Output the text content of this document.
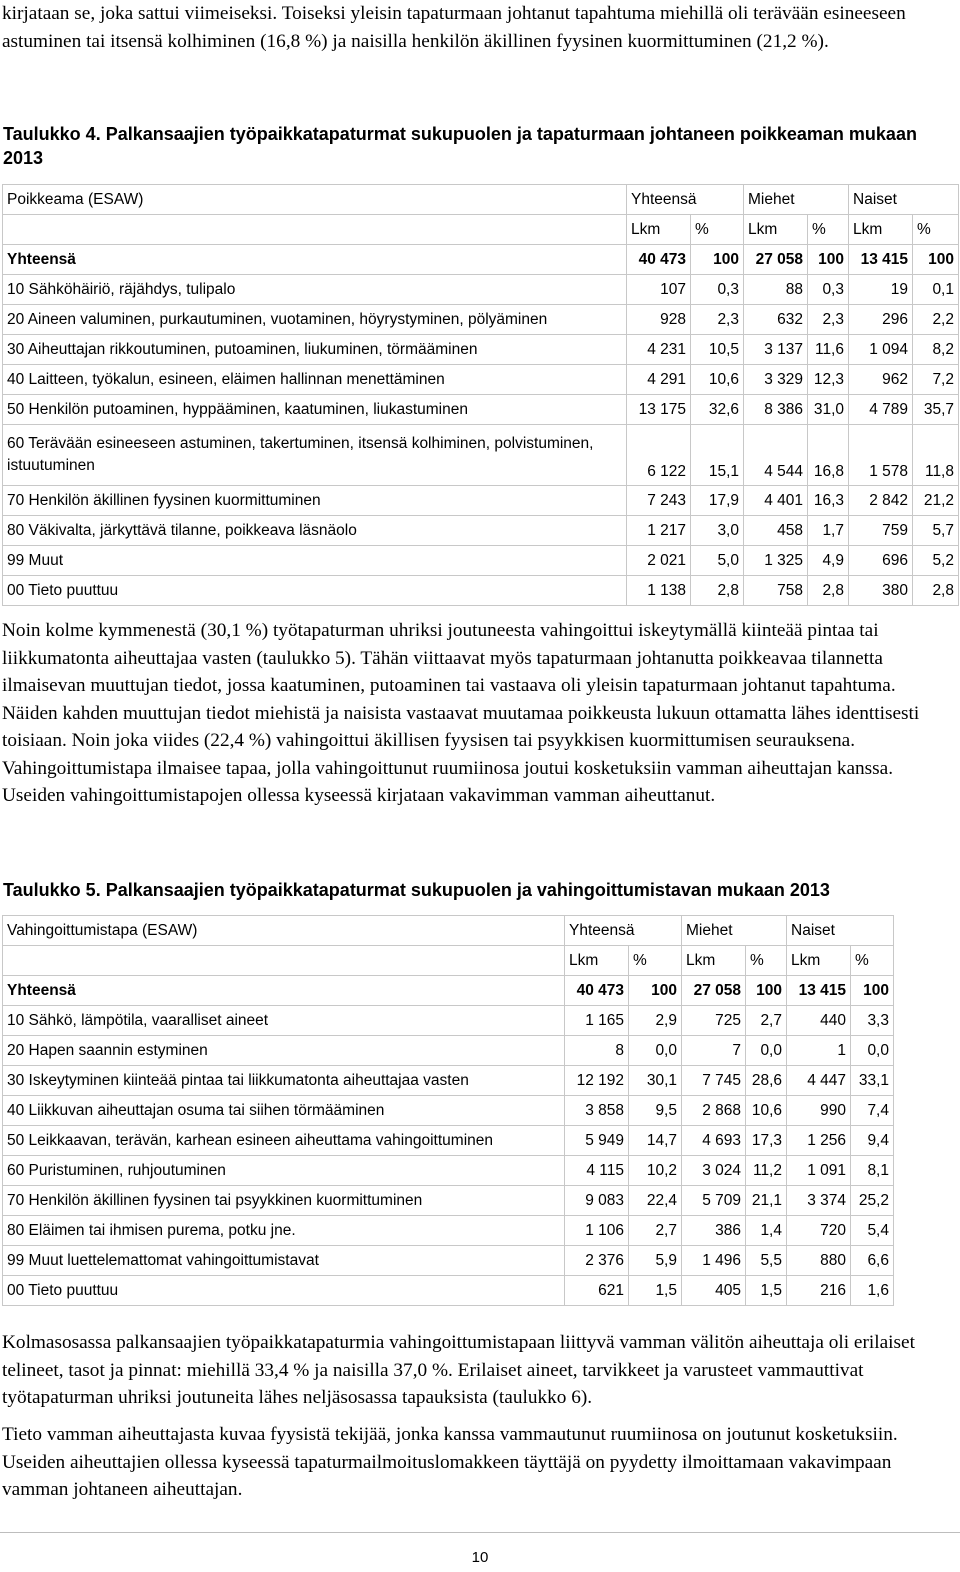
kirjataan se, joka sattui viimeiseksi. Toiseksi yleisin tapaturmaan johtanut tapahtuma miehillä oli terävään esineeseen astuminen tai itsensä kolhiminen (16,8 %) ja naisilla henkilön äkillinen fyysinen kuormittuminen (21,2 %).

Taulukko 4. Palkansaajien työpaikkatapaturmat sukupuolen ja tapaturmaan johtaneen poikkeaman mukaan 2013

Poikkeama (ESAW)	Yhteensä		Miehet		Naiset	
	Lkm	%	Lkm	%	Lkm	%
Yhteensä	40 473	100	27 058	100	13 415	100
10 Sähköhäiriö, räjähdys, tulipalo	107	0,3	88	0,3	19	0,1
20 Aineen valuminen, purkautuminen, vuotaminen, höyrystyminen, pölyäminen	928	2,3	632	2,3	296	2,2
30 Aiheuttajan rikkoutuminen, putoaminen, liukuminen, törmääminen	4 231	10,5	3 137	11,6	1 094	8,2
40 Laitteen, työkalun, esineen, eläimen hallinnan menettäminen	4 291	10,6	3 329	12,3	962	7,2
50 Henkilön putoaminen, hyppääminen, kaatuminen, liukastuminen	13 175	32,6	8 386	31,0	4 789	35,7
60 Terävään esineeseen astuminen, takertuminen, itsensä kolhiminen, polvistuminen, istuutuminen	6 122	15,1	4 544	16,8	1 578	11,8
70 Henkilön äkillinen fyysinen kuormittuminen	7 243	17,9	4 401	16,3	2 842	21,2
80 Väkivalta, järkyttävä tilanne, poikkeava läsnäolo	1 217	3,0	458	1,7	759	5,7
99 Muut	2 021	5,0	1 325	4,9	696	5,2
00 Tieto puuttuu	1 138	2,8	758	2,8	380	2,8

Noin kolme kymmenestä (30,1 %) työtapaturman uhriksi joutuneesta vahingoittui iskeytymällä kiinteää pintaa tai liikkumatonta aiheuttajaa vasten (taulukko 5). Tähän viittaavat myös tapaturmaan johtanutta poikkeavaa tilannetta ilmaisevan muuttujan tiedot, jossa kaatuminen, putoaminen tai vastaava oli yleisin tapaturmaan johtanut tapahtuma. Näiden kahden muuttujan tiedot miehistä ja naisista vastaavat muutamaa poikkeusta lukuun ottamatta lähes identtisesti toisiaan. Noin joka viides (22,4 %) vahingoittui äkillisen fyysisen tai psyykkisen kuormittumisen seurauksena. Vahingoittumistapa ilmaisee tapaa, jolla vahingoittunut ruumiinosa joutui kosketuksiin vamman aiheuttajan kanssa. Useiden vahingoittumistapojen ollessa kyseessä kirjataan vakavimman vamman aiheuttanut.

Taulukko 5. Palkansaajien työpaikkatapaturmat sukupuolen ja vahingoittumistavan mukaan 2013

Vahingoittumistapa (ESAW)	Yhteensä		Miehet		Naiset	
	Lkm	%	Lkm	%	Lkm	%
Yhteensä	40 473	100	27 058	100	13 415	100
10 Sähkö, lämpötila, vaaralliset aineet	1 165	2,9	725	2,7	440	3,3
20 Hapen saannin estyminen	8	0,0	7	0,0	1	0,0
30 Iskeytyminen kiinteää pintaa tai liikkumatonta aiheuttajaa vasten	12 192	30,1	7 745	28,6	4 447	33,1
40 Liikkuvan aiheuttajan osuma tai siihen törmääminen	3 858	9,5	2 868	10,6	990	7,4
50 Leikkaavan, terävän, karhean esineen aiheuttama vahingoittuminen	5 949	14,7	4 693	17,3	1 256	9,4
60 Puristuminen, ruhjoutuminen	4 115	10,2	3 024	11,2	1 091	8,1
70 Henkilön äkillinen fyysinen tai psyykkinen kuormittuminen	9 083	22,4	5 709	21,1	3 374	25,2
80 Eläimen tai ihmisen purema, potku jne.	1 106	2,7	386	1,4	720	5,4
99 Muut luettelemattomat vahingoittumistavat	2 376	5,9	1 496	5,5	880	6,6
00 Tieto puuttuu	621	1,5	405	1,5	216	1,6

Kolmasosassa palkansaajien työpaikkatapaturmia vahingoittumistapaan liittyvä vamman välitön aiheuttaja oli erilaiset telineet, tasot ja pinnat: miehillä 33,4 % ja naisilla 37,0 %. Erilaiset aineet, tarvikkeet ja varusteet vammauttivat työtapaturman uhriksi joutuneita lähes neljäsosassa tapauksista (taulukko 6).

Tieto vamman aiheuttajasta kuvaa fyysistä tekijää, jonka kanssa vammautunut ruumiinosa on joutunut kosketuksiin. Useiden aiheuttajien ollessa kyseessä tapaturmailmoituslomakkeen täyttäjä on pyydetty ilmoittamaan vakavimpaan vamman johtaneen aiheuttajan.

10
